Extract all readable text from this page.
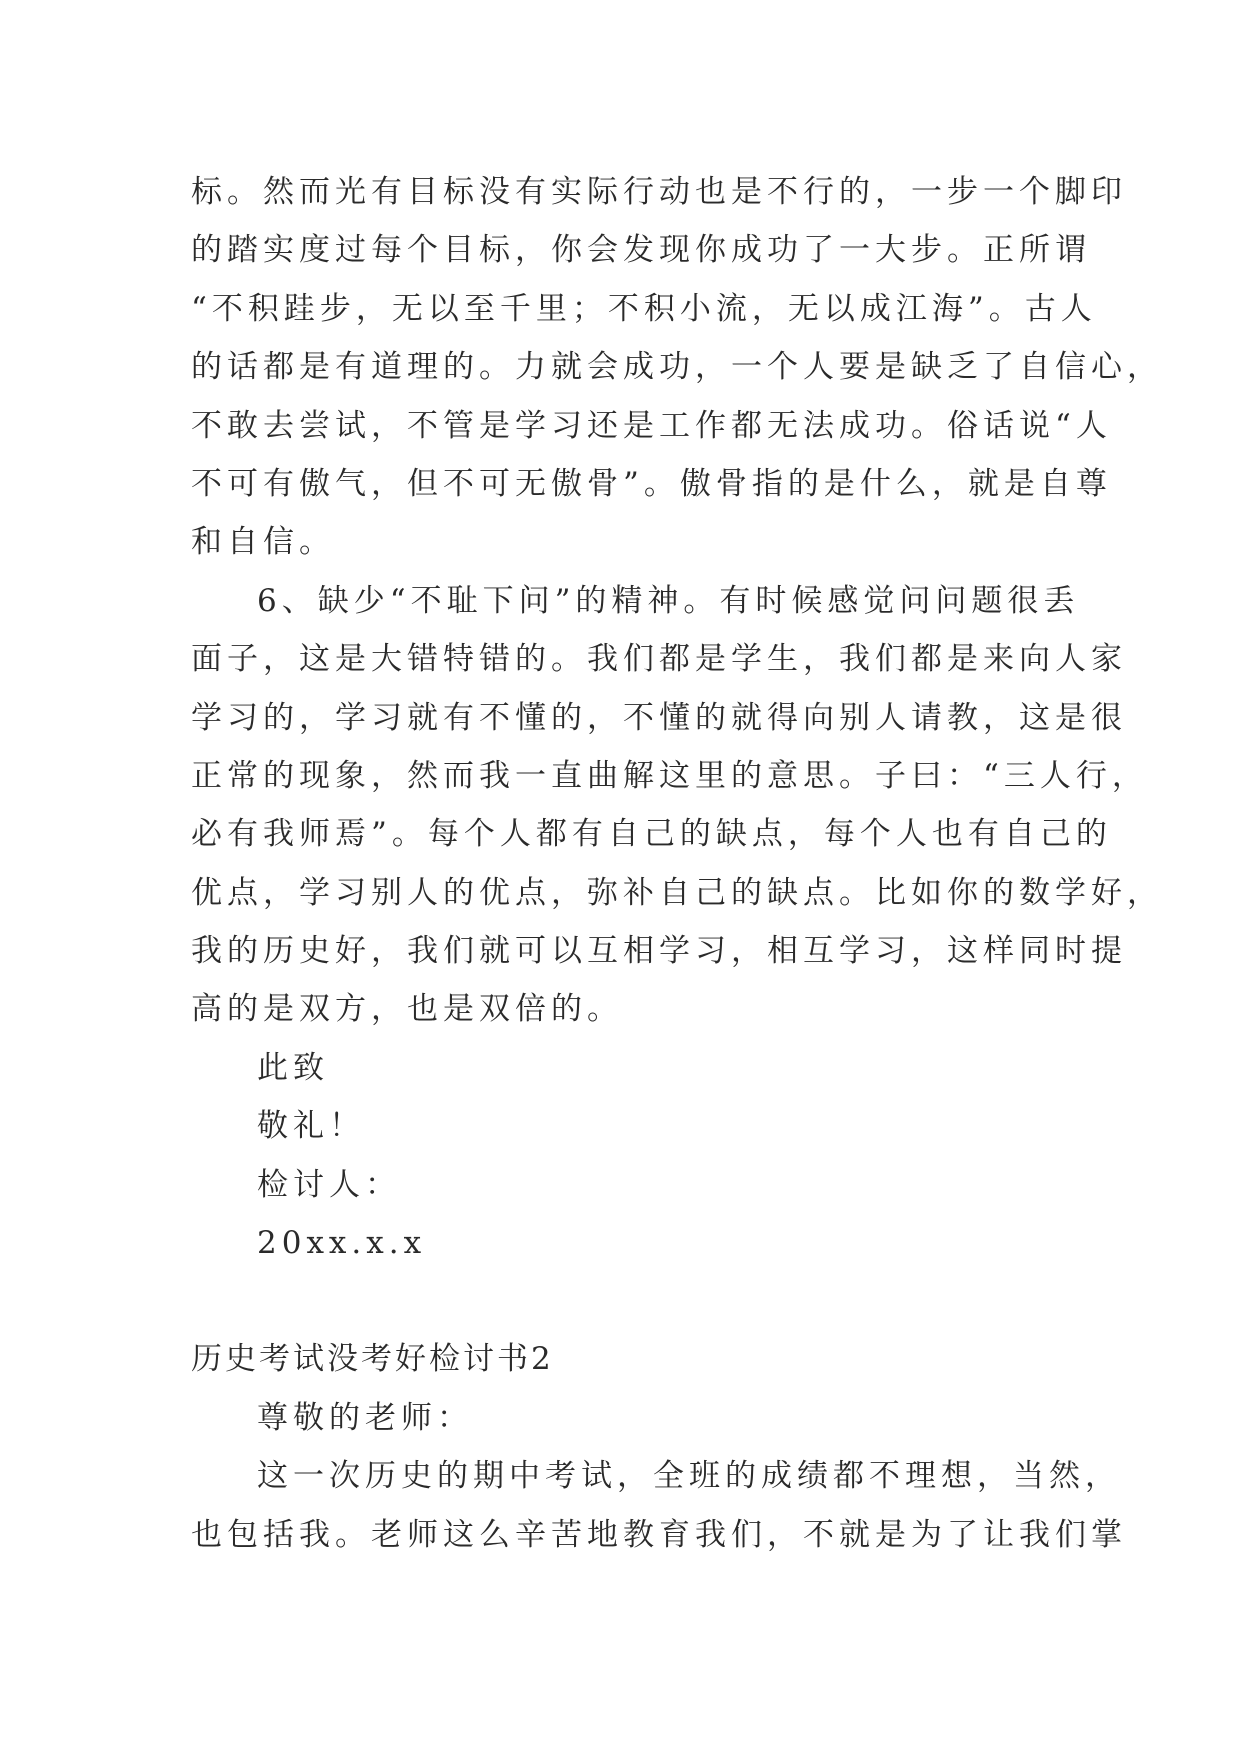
标。然而光有目标没有实际行动也是不行的，一步一个脚印
的踏实度过每个目标，你会发现你成功了一大步。正所谓
“不积跬步，无以至千里；不积小流，无以成江海”。古人
的话都是有道理的。力就会成功，一个人要是缺乏了自信心，
不敢去尝试，不管是学习还是工作都无法成功。俗话说“人
不可有傲气，但不可无傲骨”。傲骨指的是什么，就是自尊
和自信。
6、缺少“不耻下问”的精神。有时候感觉问问题很丢
面子，这是大错特错的。我们都是学生，我们都是来向人家
学习的，学习就有不懂的，不懂的就得向别人请教，这是很
正常的现象，然而我一直曲解这里的意思。子曰：“三人行，
必有我师焉”。每个人都有自己的缺点，每个人也有自己的
优点，学习别人的优点，弥补自己的缺点。比如你的数学好，
我的历史好，我们就可以互相学习，相互学习，这样同时提
高的是双方，也是双倍的。
此致
敬礼！
检讨人：
20xx.x.x
历史考试没考好检讨书2
尊敬的老师：
这一次历史的期中考试，全班的成绩都不理想，当然，
也包括我。老师这么辛苦地教育我们，不就是为了让我们掌
